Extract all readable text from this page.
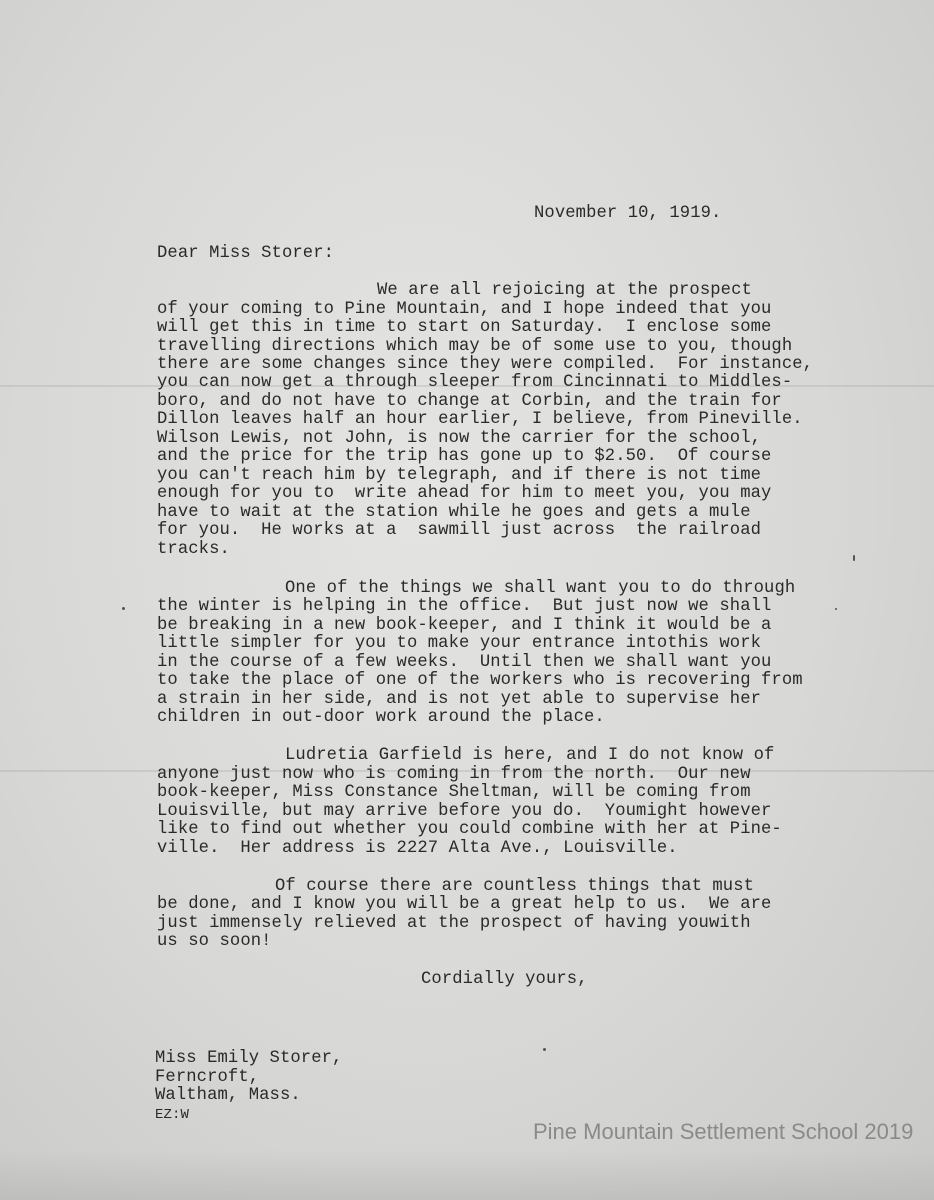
November 10, 1919.
Dear Miss Storer:
We are all rejoicing at the prospect
of your coming to Pine Mountain, and I hope indeed that you
will get this in time to start on Saturday.  I enclose some
travelling directions which may be of some use to you, though
there are some changes since they were compiled.  For instance,
you can now get a through sleeper from Cincinnati to Middles-
boro, and do not have to change at Corbin, and the train for
Dillon leaves half an hour earlier, I believe, from Pineville.
Wilson Lewis, not John, is now the carrier for the school,
and the price for the trip has gone up to $2.50.  Of course
you can't reach him by telegraph, and if there is not time
enough for you to  write ahead for him to meet you, you may
have to wait at the station while he goes and gets a mule
for you.  He works at a  sawmill just across  the railroad
tracks.
One of the things we shall want you to do through
the winter is helping in the office.  But just now we shall
be breaking in a new book-keeper, and I think it would be a
little simpler for you to make your entrance intothis work
in the course of a few weeks.  Until then we shall want you
to take the place of one of the workers who is recovering from
a strain in her side, and is not yet able to supervise her
children in out-door work around the place.
Ludretia Garfield is here, and I do not know of
anyone just now who is coming in from the north.  Our new
book-keeper, Miss Constance Sheltman, will be coming from
Louisville, but may arrive before you do.  Youmight however
like to find out whether you could combine with her at Pine-
ville.  Her address is 2227 Alta Ave., Louisville.
Of course there are countless things that must
be done, and I know you will be a great help to us.  We are
just immensely relieved at the prospect of having youwith
us so soon!
Cordially yours,
Miss Emily Storer,
Ferncroft,
Waltham, Mass.
EZ:W
Pine Mountain Settlement School 2019
